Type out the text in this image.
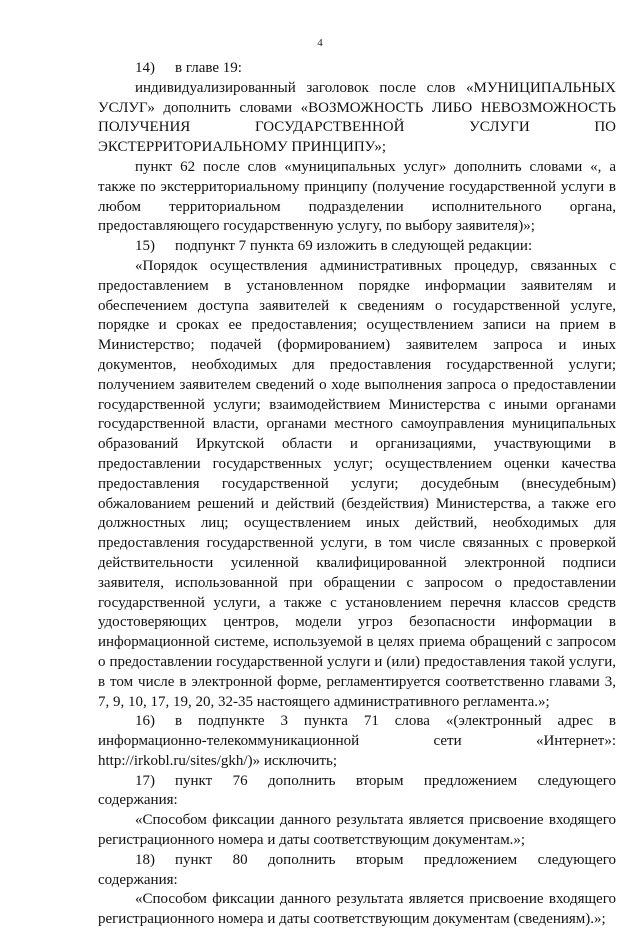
4

14) в главе 19:

индивидуализированный заголовок после слов «МУНИЦИПАЛЬНЫХ УСЛУГ» дополнить словами «ВОЗМОЖНОСТЬ ЛИБО НЕВОЗМОЖНОСТЬ ПОЛУЧЕНИЯ ГОСУДАРСТВЕННОЙ УСЛУГИ ПО ЭКСТЕРРИТОРИАЛЬНОМУ ПРИНЦИПУ»;

пункт 62 после слов «муниципальных услуг» дополнить словами «, а также по экстерриториальному принципу (получение государственной услуги в любом территориальном подразделении исполнительного органа, предоставляющего государственную услугу, по выбору заявителя)»;

15) подпункт 7 пункта 69 изложить в следующей редакции:

«Порядок осуществления административных процедур, связанных с предоставлением в установленном порядке информации заявителям и обеспечением доступа заявителей к сведениям о государственной услуге, порядке и сроках ее предоставления; осуществлением записи на прием в Министерство; подачей (формированием) заявителем запроса и иных документов, необходимых для предоставления государственной услуги; получением заявителем сведений о ходе выполнения запроса о предоставлении государственной услуги; взаимодействием Министерства с иными органами государственной власти, органами местного самоуправления муниципальных образований Иркутской области и организациями, участвующими в предоставлении государственных услуг; осуществлением оценки качества предоставления государственной услуги; досудебным (внесудебным) обжалованием решений и действий (бездействия) Министерства, а также его должностных лиц; осуществлением иных действий, необходимых для предоставления государственной услуги, в том числе связанных с проверкой действительности усиленной квалифицированной электронной подписи заявителя, использованной при обращении с запросом о предоставлении государственной услуги, а также с установлением перечня классов средств удостоверяющих центров, модели угроз безопасности информации в информационной системе, используемой в целях приема обращений с запросом о предоставлении государственной услуги и (или) предоставления такой услуги, в том числе в электронной форме, регламентируется соответственно главами 3, 7, 9, 10, 17, 19, 20, 32-35 настоящего административного регламента.»;

16) в подпункте 3 пункта 71 слова «(электронный адрес в информационно-телекоммуникационной сети «Интернет»: http://irkobl.ru/sites/gkh/)» исключить;

17) пункт 76 дополнить вторым предложением следующего содержания:

«Способом фиксации данного результата является присвоение входящего регистрационного номера и даты соответствующим документам.»;

18) пункт 80 дополнить вторым предложением следующего содержания:

«Способом фиксации данного результата является присвоение входящего регистрационного номера и даты соответствующим документам (сведениям).»;
